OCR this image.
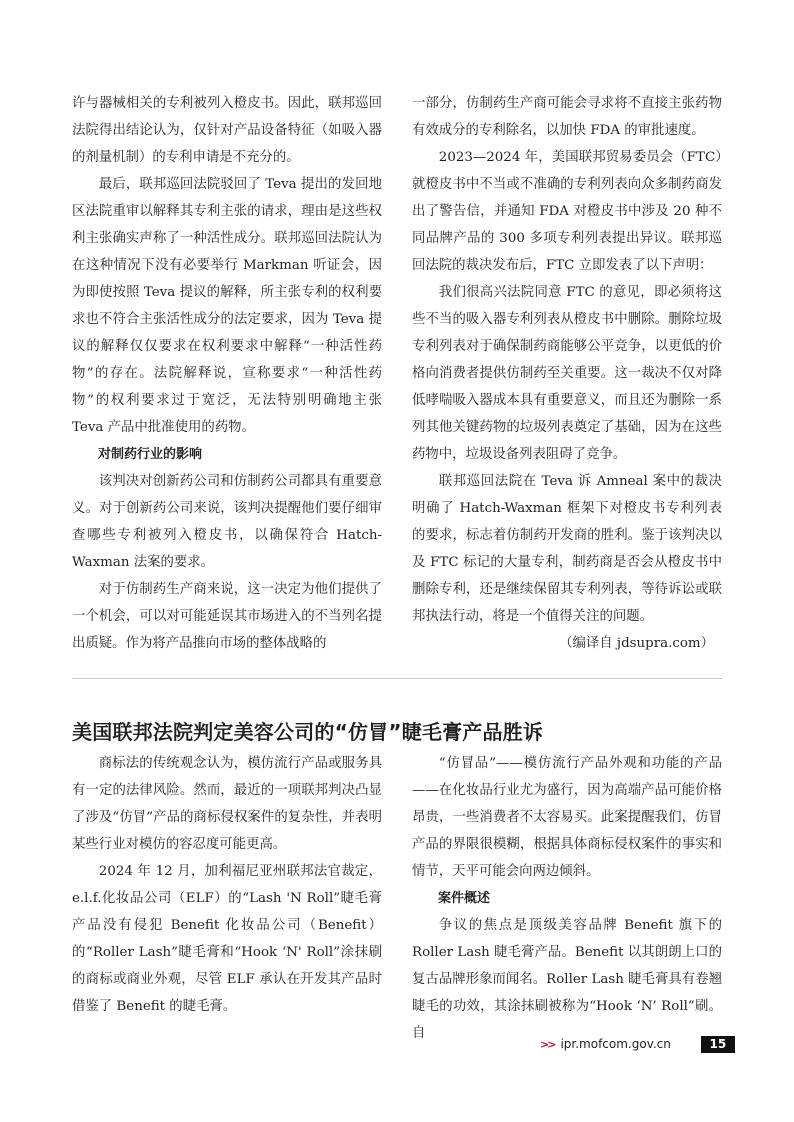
许与器械相关的专利被列入橙皮书。因此，联邦巡回法院得出结论认为，仅针对产品设备特征（如吸入器的剂量机制）的专利申请是不充分的。

最后，联邦巡回法院驳回了 Teva 提出的发回地区法院重审以解释其专利主张的请求，理由是这些权利主张确实声称了一种活性成分。联邦巡回法院认为在这种情况下没有必要举行 Markman 听证会，因为即使按照 Teva 提议的解释，所主张专利的权利要求也不符合主张活性成分的法定要求，因为 Teva 提议的解释仅仅要求在权利要求中解释“一种活性药物”的存在。法院解释说，宣称要求“一种活性药物”的权利要求过于宽泛，无法特别明确地主张 Teva 产品中批准使用的药物。

对制药行业的影响

该判决对创新药公司和仿制药公司都具有重要意义。对于创新药公司来说，该判决提醒他们要仔细审查哪些专利被列入橙皮书，以确保符合 Hatch-Waxman 法案的要求。

对于仿制药生产商来说，这一决定为他们提供了一个机会，可以对可能延误其市场进入的不当列名提出质疑。作为将产品推向市场的整体战略的

一部分，仿制药生产商可能会寻求将不直接主张药物有效成分的专利除名，以加快 FDA 的审批速度。

2023—2024 年，美国联邦贸易委员会（FTC）就橙皮书中不当或不准确的专利列表向众多制药商发出了警告信，并通知 FDA 对橙皮书中涉及 20 种不同品牌产品的 300 多项专利列表提出异议。联邦巡回法院的裁决发布后，FTC 立即发表了以下声明：

我们很高兴法院同意 FTC 的意见，即必须将这些不当的吸入器专利列表从橙皮书中删除。删除垃圾专利列表对于确保制药商能够公平竞争，以更低的价格向消费者提供仿制药至关重要。这一裁决不仅对降低哮喘吸入器成本具有重要意义，而且还为删除一系列其他关键药物的垃圾列表奠定了基础，因为在这些药物中，垃圾设备列表阻碍了竞争。

联邦巡回法院在 Teva 诉 Amneal 案中的裁决明确了 Hatch-Waxman 框架下对橙皮书专利列表的要求，标志着仿制药开发商的胜利。鉴于该判决以及 FTC 标记的大量专利，制药商是否会从橙皮书中删除专利，还是继续保留其专利列表，等待诉讼或联邦执法行动，将是一个值得关注的问题。

（编译自 jdsupra.com）

美国联邦法院判定美容公司的“仿冒”睫毛膏产品胜诉

商标法的传统观念认为，模仿流行产品或服务具有一定的法律风险。然而，最近的一项联邦判决凸显了涉及“仿冒”产品的商标侵权案件的复杂性，并表明某些行业对模仿的容忍度可能更高。

2024 年 12 月，加利福尼亚州联邦法官裁定，e.l.f.化妆品公司（ELF）的“Lash 'N Roll”睫毛膏产品没有侵犯 Benefit 化妆品公司（Benefit）的“Roller Lash”睫毛膏和“Hook ‘N' Roll”涂抹刷的商标或商业外观，尽管 ELF 承认在开发其产品时借鉴了 Benefit 的睫毛膏。

“仿冒品”——模仿流行产品外观和功能的产品——在化妆品行业尤为盛行，因为高端产品可能价格昂贵，一些消费者不太容易买。此案提醒我们，仿冒产品的界限很模糊，根据具体商标侵权案件的事实和情节，天平可能会向两边倾斜。

案件概述

争议的焦点是顶级美容品牌 Benefit 旗下的 Roller Lash 睫毛膏产品。Benefit 以其朗朗上口的复古品牌形象而闻名。Roller Lash 睫毛膏具有卷翘睫毛的功效，其涂抹刷被称为“Hook ‘N’ Roll”刷。自

>> ipr.mofcom.gov.cn	15
